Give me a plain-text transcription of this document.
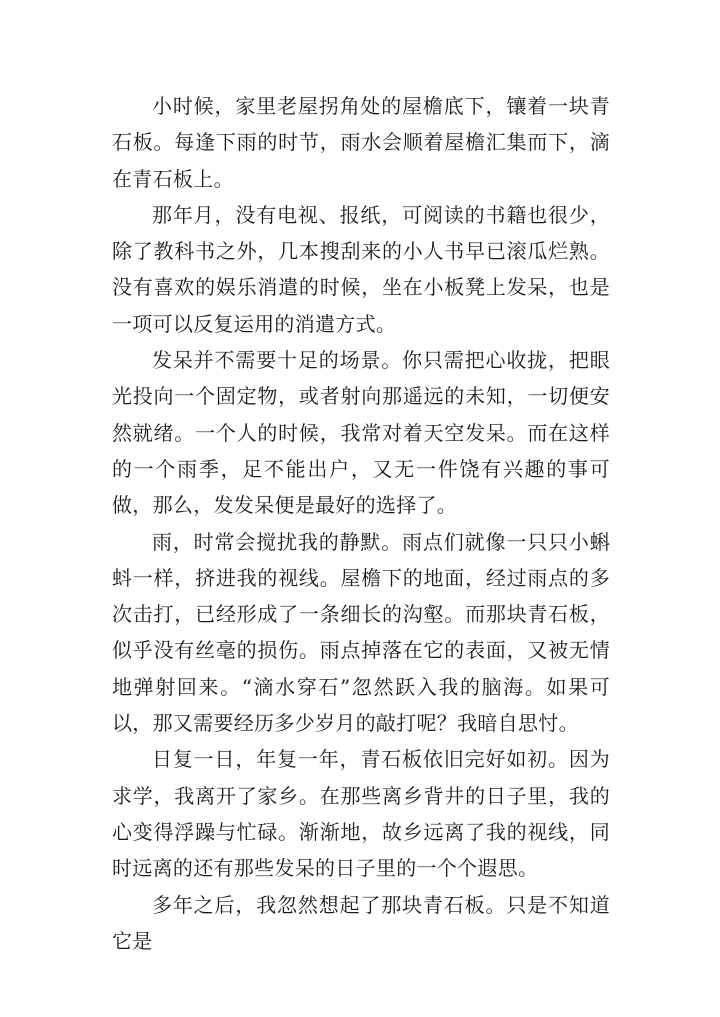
小时候，家里老屋拐角处的屋檐底下，镶着一块青石板。每逢下雨的时节，雨水会顺着屋檐汇集而下，滴在青石板上。

那年月，没有电视、报纸，可阅读的书籍也很少，除了教科书之外，几本搜刮来的小人书早已滚瓜烂熟。没有喜欢的娱乐消遣的时候，坐在小板凳上发呆，也是一项可以反复运用的消遣方式。

发呆并不需要十足的场景。你只需把心收拢，把眼光投向一个固定物，或者射向那遥远的未知，一切便安然就绪。一个人的时候，我常对着天空发呆。而在这样的一个雨季，足不能出户，又无一件饶有兴趣的事可做，那么，发发呆便是最好的选择了。

雨，时常会搅扰我的静默。雨点们就像一只只小蝌蚪一样，挤进我的视线。屋檐下的地面，经过雨点的多次击打，已经形成了一条细长的沟壑。而那块青石板，似乎没有丝毫的损伤。雨点掉落在它的表面，又被无情地弹射回来。“滴水穿石”忽然跃入我的脑海。如果可以，那又需要经历多少岁月的敲打呢？我暗自思忖。

日复一日，年复一年，青石板依旧完好如初。因为求学，我离开了家乡。在那些离乡背井的日子里，我的心变得浮躁与忙碌。渐渐地，故乡远离了我的视线，同时远离的还有那些发呆的日子里的一个个遐思。

多年之后，我忽然想起了那块青石板。只是不知道它是
